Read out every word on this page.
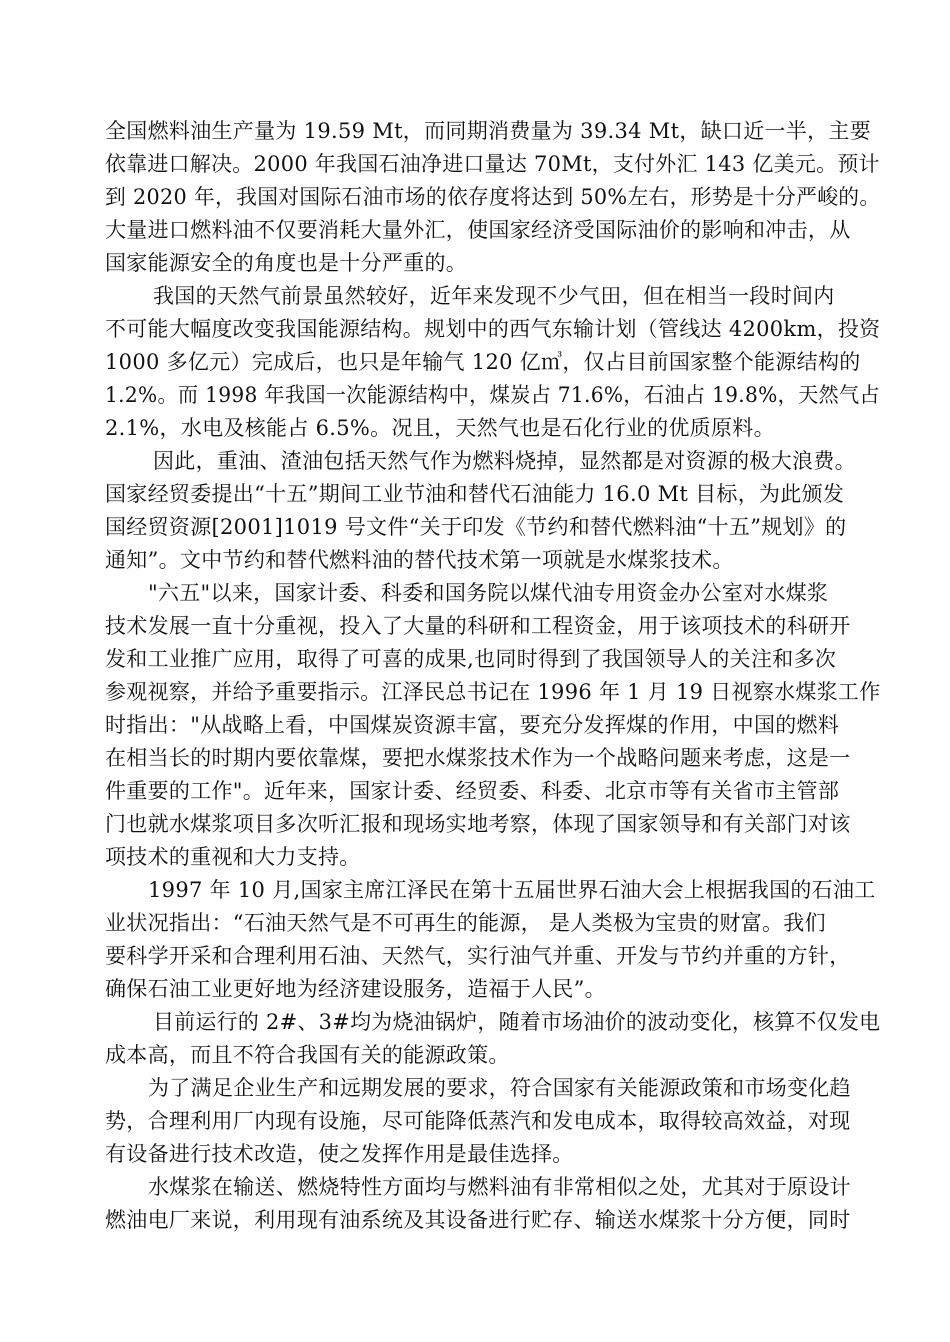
全国燃料油生产量为 19.59 Mt，而同期消费量为 39.34 Mt，缺口近一半，主要
依靠进口解决。2000 年我国石油净进口量达 70Mt，支付外汇 143 亿美元。预计
到 2020 年，我国对国际石油市场的依存度将达到 50%左右，形势是十分严峻的。
大量进口燃料油不仅要消耗大量外汇，使国家经济受国际油价的影响和冲击，从
国家能源安全的角度也是十分严重的。
我国的天然气前景虽然较好，近年来发现不少气田，但在相当一段时间内
不可能大幅度改变我国能源结构。规划中的西气东输计划（管线达 4200km，投资
1000 多亿元）完成后，也只是年输气 120 亿㎥，仅占目前国家整个能源结构的
1.2%。而 1998 年我国一次能源结构中，煤炭占 71.6%，石油占 19.8%，天然气占
2.1%，水电及核能占 6.5%。况且，天然气也是石化行业的优质原料。
因此，重油、渣油包括天然气作为燃料烧掉，显然都是对资源的极大浪费。
国家经贸委提出“十五”期间工业节油和替代石油能力 16.0 Mt 目标，为此颁发
国经贸资源[2001]1019 号文件“关于印发《节约和替代燃料油“十五”规划》的
通知”。文中节约和替代燃料油的替代技术第一项就是水煤浆技术。
"六五"以来，国家计委、科委和国务院以煤代油专用资金办公室对水煤浆
技术发展一直十分重视，投入了大量的科研和工程资金，用于该项技术的科研开
发和工业推广应用，取得了可喜的成果,也同时得到了我国领导人的关注和多次
参观视察，并给予重要指示。江泽民总书记在 1996 年 1 月 19 日视察水煤浆工作
时指出："从战略上看，中国煤炭资源丰富，要充分发挥煤的作用，中国的燃料
在相当长的时期内要依靠煤，要把水煤浆技术作为一个战略问题来考虑，这是一
件重要的工作"。近年来，国家计委、经贸委、科委、北京市等有关省市主管部
门也就水煤浆项目多次听汇报和现场实地考察，体现了国家领导和有关部门对该
项技术的重视和大力支持。
1997 年 10 月,国家主席江泽民在第十五届世界石油大会上根据我国的石油工
业状况指出：“石油天然气是不可再生的能源， 是人类极为宝贵的财富。我们
要科学开采和合理利用石油、天然气，实行油气并重、开发与节约并重的方针，
确保石油工业更好地为经济建设服务，造福于人民”。
目前运行的 2#、3#均为烧油锅炉，随着市场油价的波动变化，核算不仅发电
成本高，而且不符合我国有关的能源政策。
为了满足企业生产和远期发展的要求，符合国家有关能源政策和市场变化趋
势，合理利用厂内现有设施，尽可能降低蒸汽和发电成本，取得较高效益，对现
有设备进行技术改造，使之发挥作用是最佳选择。
水煤浆在输送、燃烧特性方面均与燃料油有非常相似之处，尤其对于原设计
燃油电厂来说，利用现有油系统及其设备进行贮存、输送水煤浆十分方便，同时
